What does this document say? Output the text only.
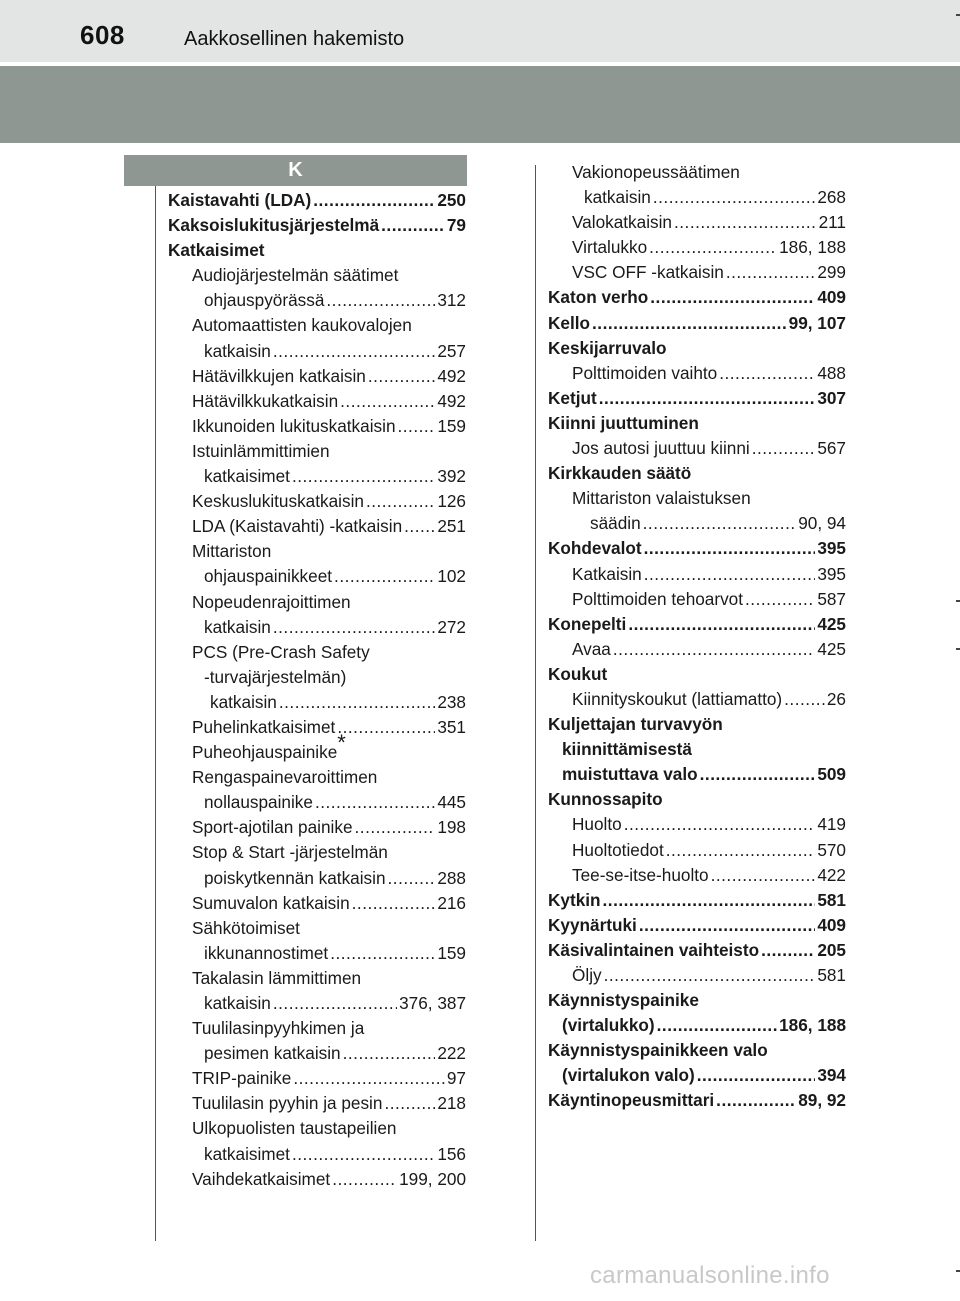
608	Aakkosellinen hakemisto
K
Kaistavahti (LDA) .....	250
Kaksoislukitusjärjestelmä .....	79
Katkaisimet
Audiojärjestelmän säätimet
ohjauspyörässä .....	312
Automaattisten kaukovalojen
katkaisin .....	257
Hätävilkkujen katkaisin .....	492
Hätävilkkukatkaisin .....	492
Ikkunoiden lukituskatkaisin ..... 159
Istuinlämmittimien
katkaisimet .....	392
Keskuslukituskatkaisin .....	126
LDA (Kaistavahti) -katkaisin ..... 251
Mittariston
ohjauspainikkeet .....	102
Nopeudenrajoittimen
katkaisin .....	272
PCS (Pre-Crash Safety
-turvajärjestelmän)
katkaisin .....	238
Puhelinkatkaisimet .....	351
Puheohjauspainike*
Rengaspainevaroittimen
nollauspainike .....	445
Sport-ajotilan painike .....	198
Stop & Start -järjestelmän
poiskytkennän katkaisin .....	288
Sumuvalon katkaisin .....	216
Sähkötoimiset
ikkunannostimet .....	159
Takalasin lämmittimen
katkaisin .....	376, 387
Tuulilasinpyyhkimen ja
pesimen katkaisin .....	222
TRIP-painike .....	97
Tuulilasin pyyhin ja pesin .....	218
Ulkopuolisten taustapeilien
katkaisimet .....	156
Vaihdekatkaisimet .....	199, 200
Vakionopeussäätimen
katkaisin .....	268
Valokatkaisin .....	211
Virtalukko .....	186, 188
VSC OFF -katkaisin .....	299
Katon verho .....	409
Kello .....	99, 107
Keskijarruvalo
Polttimoiden vaihto .....	488
Ketjut .....	307
Kiinni juuttuminen
Jos autosi juuttuu kiinni .....	567
Kirkkauden säätö
Mittariston valaistuksen
säädin .....	90, 94
Kohdevalot .....	395
Katkaisin .....	395
Polttimoiden tehoarvot .....	587
Konepelti .....	425
Avaa .....	425
Koukut
Kiinnityskoukut (lattiamatto) .....	26
Kuljettajan turvavyön
kiinnittämisestä
muistuttava valo .....	509
Kunnossapito
Huolto .....	419
Huoltotiedot .....	570
Tee-se-itse-huolto .....	422
Kytkin .....	581
Kyynärtuki .....	409
Käsivalintainen vaihteisto .....	205
Öljy .....	581
Käynnistyspainike
(virtalukko) .....	186, 188
Käynnistyspainikkeen valo
(virtalukon valo) .....	394
Käyntinopeusmittari .....	89, 92
carmanualsonline.info
